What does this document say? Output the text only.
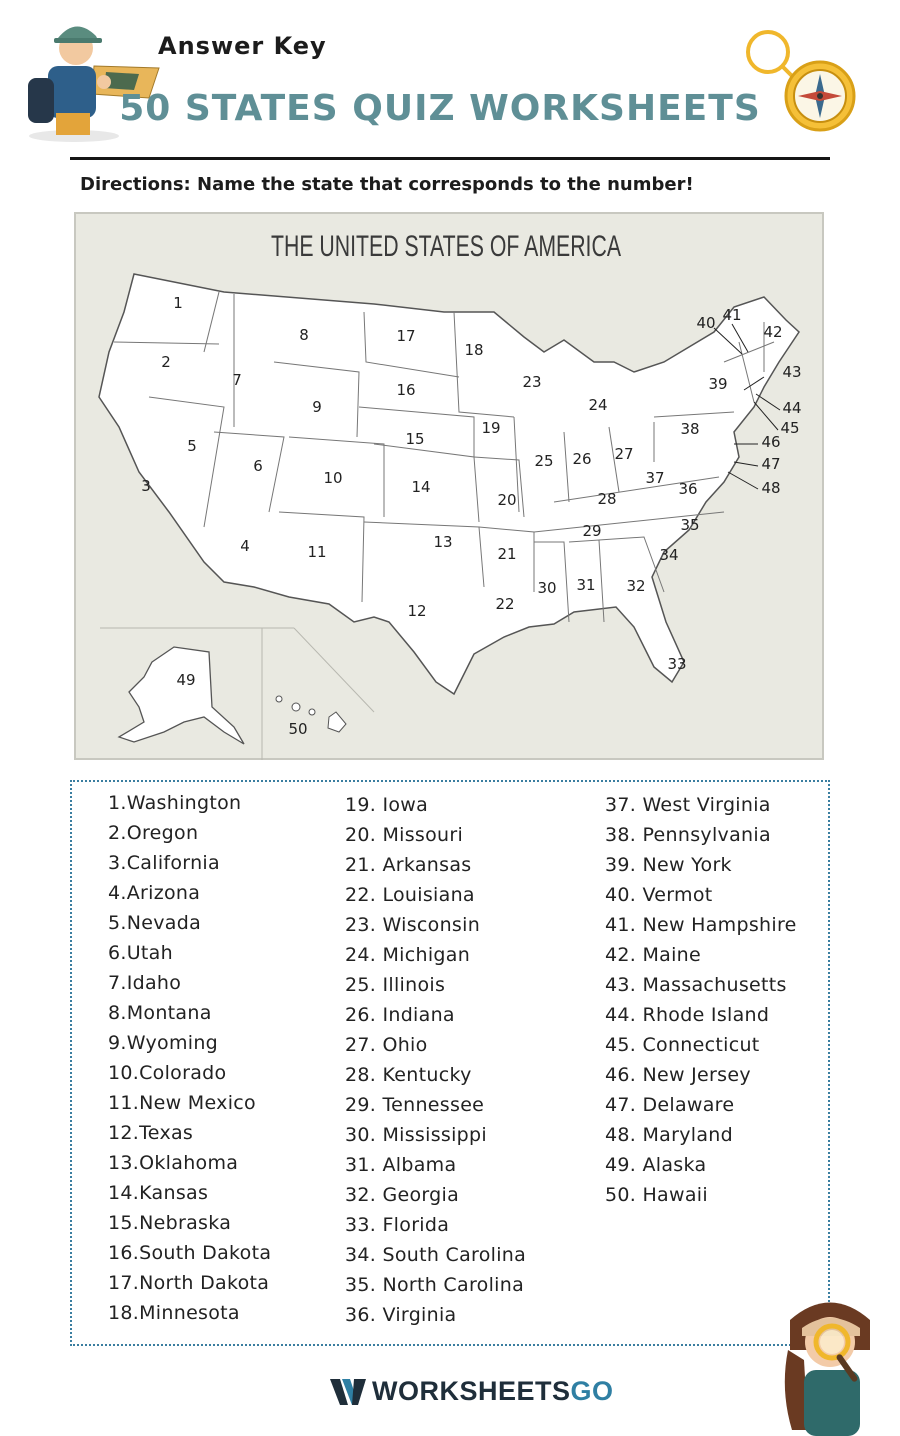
Answer Key
50 STATES QUIZ WORKSHEETS
Directions: Name the state that corresponds to the number!
THE UNITED STATES OF AMERICA
1
2
3
4
5
6
7
8
9
10
11
12
13
14
15
16
17
18
19
20
21
22
23
24
25 26 27
28
29
30 31 32
33
34
35
36
37
38
39
40 41
42
43
44
45
46
47
48
49
50
1.Washington
2.Oregon
3.California
4.Arizona
5.Nevada
6.Utah
7.Idaho
8.Montana
9.Wyoming
10.Colorado
11.New Mexico
12.Texas
13.Oklahoma
14.Kansas
15.Nebraska
16.South Dakota
17.North Dakota
18.Minnesota
19. Iowa
20. Missouri
21. Arkansas
22. Louisiana
23. Wisconsin
24. Michigan
25. Illinois
26. Indiana
27. Ohio
28. Kentucky
29. Tennessee
30. Mississippi
31. Albama
32. Georgia
33. Florida
34. South Carolina
35. North Carolina
36. Virginia
37. West Virginia
38. Pennsylvania
39. New York
40. Vermot
41. New Hampshire
42. Maine
43. Massachusetts
44. Rhode Island
45. Connecticut
46. New Jersey
47. Delaware
48. Maryland
49. Alaska
50. Hawaii
WORKSHEETSGO
